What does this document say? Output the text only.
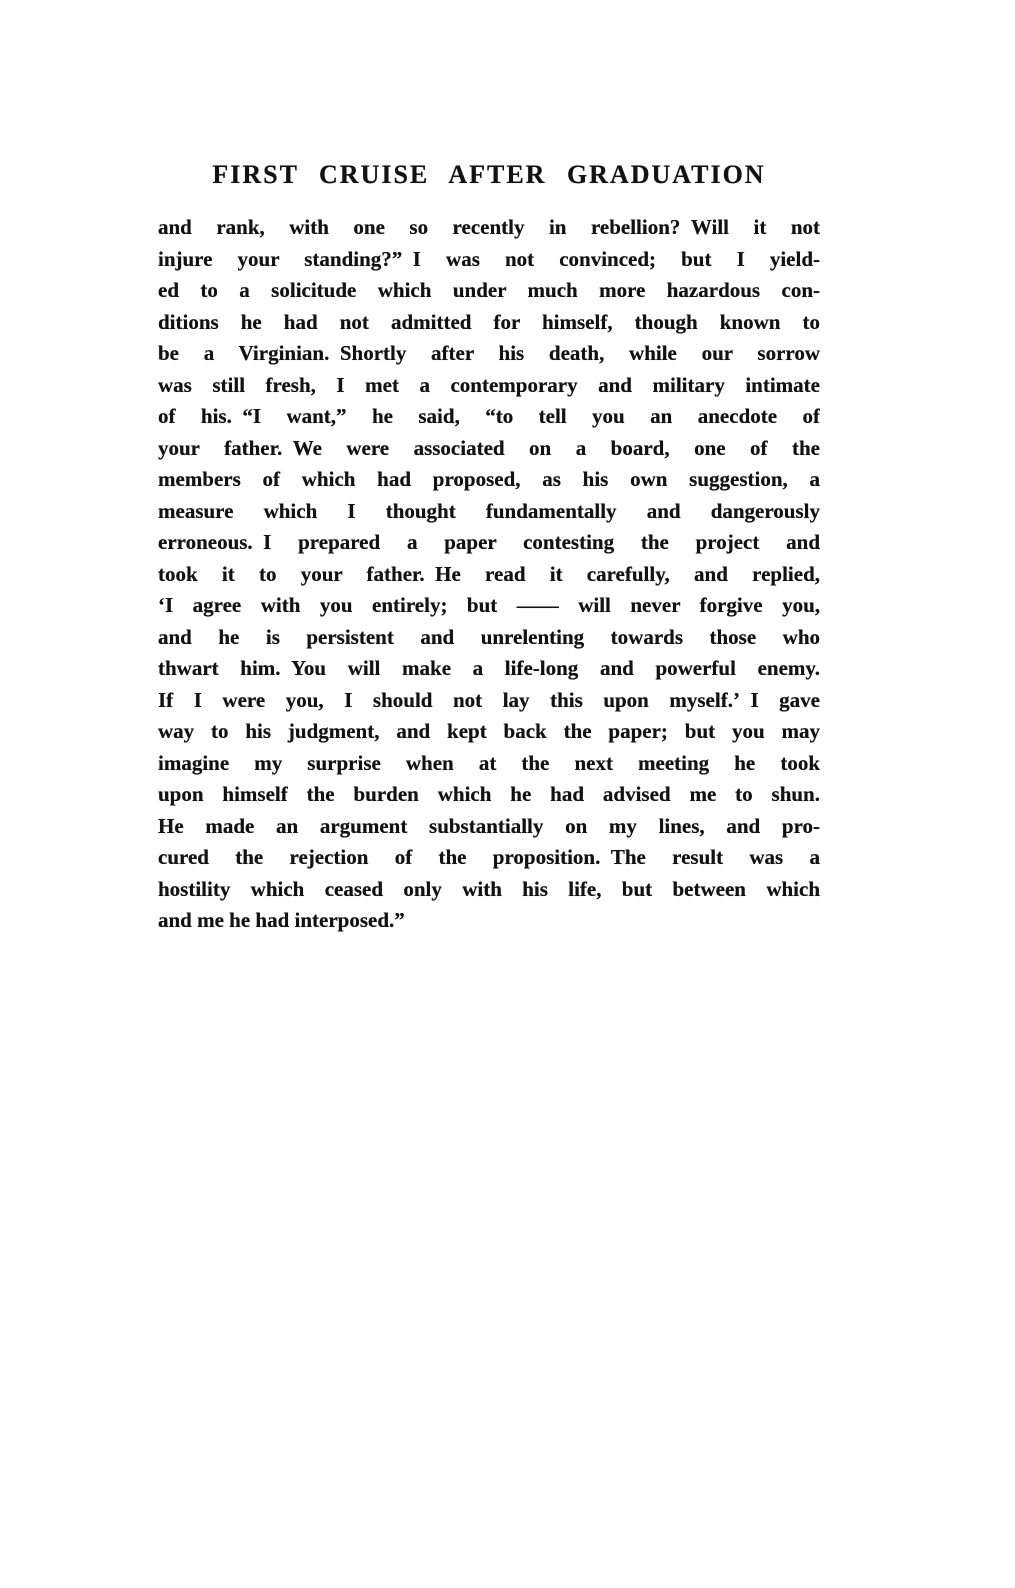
FIRST CRUISE AFTER GRADUATION
and rank, with one so recently in rebellion? Will it not
injure your standing?” I was not convinced; but I yield-
ed to a solicitude which under much more hazardous con-
ditions he had not admitted for himself, though known to
be a Virginian. Shortly after his death, while our sorrow
was still fresh, I met a contemporary and military intimate
of his. “I want,” he said, “to tell you an anecdote of
your father. We were associated on a board, one of the
members of which had proposed, as his own suggestion, a
measure which I thought fundamentally and dangerously
erroneous. I prepared a paper contesting the project and
took it to your father. He read it carefully, and replied,
‘I agree with you entirely; but —— will never forgive you,
and he is persistent and unrelenting towards those who
thwart him. You will make a life-long and powerful enemy.
If I were you, I should not lay this upon myself.’ I gave
way to his judgment, and kept back the paper; but you may
imagine my surprise when at the next meeting he took
upon himself the burden which he had advised me to shun.
He made an argument substantially on my lines, and pro-
cured the rejection of the proposition. The result was a
hostility which ceased only with his life, but between which
and me he had interposed.”
